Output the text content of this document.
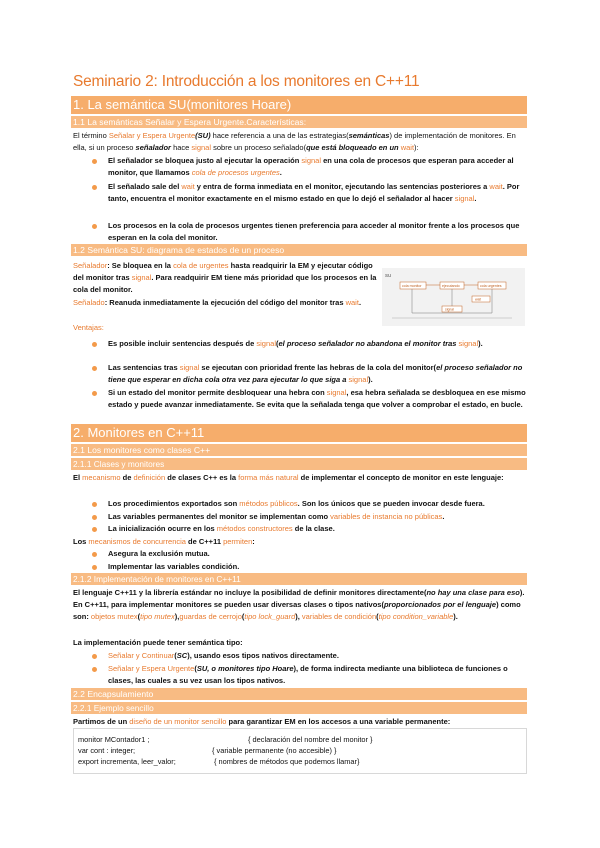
Seminario 2: Introducción a los monitores en C++11
1. La semántica SU(monitores Hoare)
1.1 La semánticas Señalar y Espera Urgente.Características:
El término Señalar y Espera Urgente(SU) hace referencia a una de las estrategias(semánticas) de implementación de monitores. En ella, si un proceso señalador hace signal sobre un proceso señalado(que está bloqueado en un wait):
El señalador se bloquea justo al ejecutar la operación signal en una cola de procesos que esperan para acceder al monitor, que llamamos cola de procesos urgentes.
El señalado sale del wait y entra de forma inmediata en el monitor, ejecutando las sentencias posteriores a wait. Por tanto, encuentra el monitor exactamente en el mismo estado en que lo dejó el señalador al hacer signal.
Los procesos en la cola de procesos urgentes tienen preferencia para acceder al monitor frente a los procesos que esperan en la cola del monitor.
1.2 Semántica SU: diagrama de estados de un proceso
Señalador: Se bloquea en la cola de urgentes hasta readquirir la EM y ejecutar código del monitor tras signal. Para readquirir EM tiene más prioridad que los procesos en la cola del monitor.
Señalado: Reanuda inmediatamente la ejecución del código del monitor tras wait.
Ventajas:
SU
cola monitor	ejecutando	cola urgentes
signal
wait
Es posible incluir sentencias después de signal(el proceso señalador no abandona el monitor tras signal).
Las sentencias tras signal se ejecutan con prioridad frente las hebras de la cola del monitor(el proceso señalador no tiene que esperar en dicha cola otra vez para ejecutar lo que siga a signal).
Si un estado del monitor permite desbloquear una hebra con signal, esa hebra señalada se desbloquea en ese mismo estado y puede avanzar inmediatamente. Se evita que la señalada tenga que volver a comprobar el estado, en bucle.
2. Monitores en C++11
2.1 Los monitores como clases C++
2.1.1 Clases y monitores
El mecanismo de definición de clases C++ es la forma más natural de implementar el concepto de monitor en este lenguaje:
Los procedimientos exportados son métodos públicos. Son los únicos que se pueden invocar desde fuera.
Las variables permanentes del monitor se implementan como variables de instancia no públicas.
La inicialización ocurre en los métodos constructores de la clase.
Los mecanismos de concurrencia de C++11 permiten:
Asegura la exclusión mutua.
Implementar las variables condición.
2.1.2 Implementación de monitores en C++11
El lenguaje C++11 y la librería estándar no incluye la posibilidad de definir monitores directamente(no hay una clase para eso). En C++11, para implementar monitores se pueden usar diversas clases o tipos nativos(proporcionados por el lenguaje) como son: objetos mutex(tipo mutex),guardas de cerrojo(tipo lock_guard), variables de condición(tipo condition_variable).
La implementación puede tener semántica tipo:
Señalar y Continuar(SC), usando esos tipos nativos directamente.
Señalar y Espera Urgente(SU, o monitores tipo Hoare), de forma indirecta mediante una biblioteca de funciones o clases, las cuales a su vez usan los tipos nativos.
2.2 Encapsulamiento
2.2.1 Ejemplo sencillo
Partimos de un diseño de un monitor sencillo para garantizar EM en los accesos a una variable permanente:
monitor MContador1 ;	{ declaración del nombre del monitor }
var cont : integer;	{ variable permanente (no accesible) }
export incrementa, leer_valor;	{ nombres de métodos que podemos llamar}
